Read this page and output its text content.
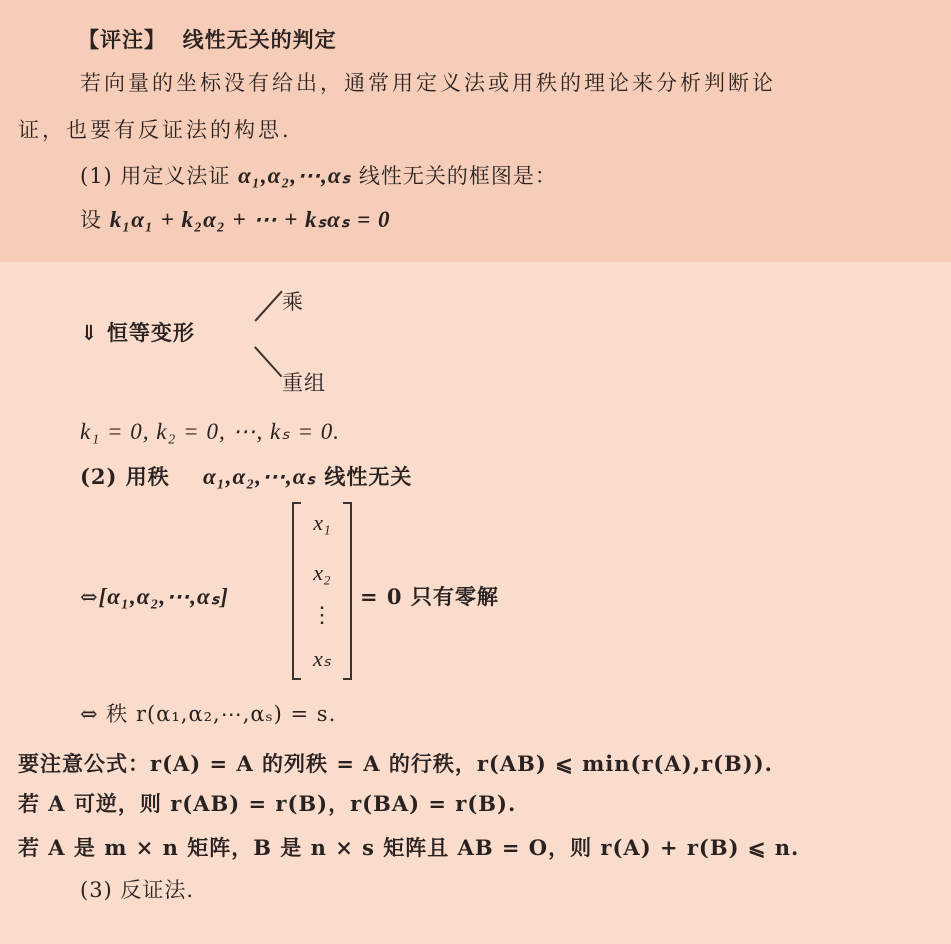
【评注】 线性无关的判定
若向量的坐标没有给出，通常用定义法或用秩的理论来分析判断论
证，也要有反证法的构思.
(1) 用定义法证 α₁,α₂,⋯,αₛ 线性无关的框图是：
设 k₁α₁ + k₂α₂ + ⋯ + kₛαₛ = 0
乘
⇓ 恒等变形
重组
k₁ = 0, k₂ = 0, ⋯, kₛ = 0.
(2) 用秩 α₁,α₂,⋯,αₛ 线性无关
⇔[α₁,α₂,⋯,αₛ]
x₁
x₂
⋮
xₛ
= 0 只有零解
⇔ 秩 r(α₁,α₂,⋯,αₛ) = s.
要注意公式：r(A) = A 的列秩 = A 的行秩，r(AB) ⩽ min(r(A),r(B)).
若 A 可逆，则 r(AB) = r(B)，r(BA) = r(B).
若 A 是 m × n 矩阵，B 是 n × s 矩阵且 AB = O，则 r(A) + r(B) ⩽ n.
(3) 反证法.
